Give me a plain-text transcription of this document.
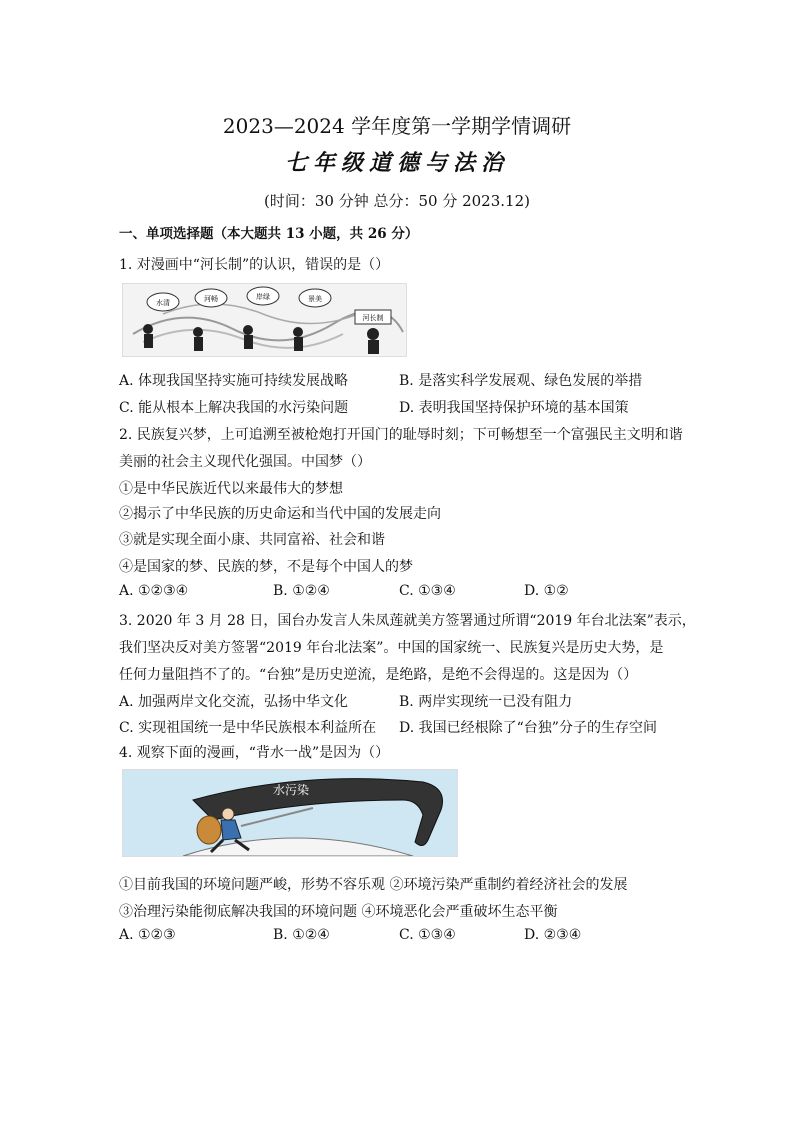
2023—2024 学年度第一学期学情调研
七年级道德与法治
(时间：30 分钟 总分：50 分 2023.12)
一、单项选择题（本大题共 13 小题，共 26 分）
1. 对漫画中“河长制”的认识，错误的是（）
水清	河畅	岸绿	景美
河长制
A. 体现我国坚持实施可持续发展战略	B. 是落实科学发展观、绿色发展的举措
C. 能从根本上解决我国的水污染问题	D. 表明我国坚持保护环境的基本国策
2. 民族复兴梦，上可追溯至被枪炮打开国门的耻辱时刻；下可畅想至一个富强民主文明和谐
美丽的社会主义现代化强国。中国梦（）
①是中华民族近代以来最伟大的梦想
②揭示了中华民族的历史命运和当代中国的发展走向
③就是实现全面小康、共同富裕、社会和谐
④是国家的梦、民族的梦，不是每个中国人的梦
A. ①②③④	B. ①②④	C. ①③④	D. ①②
3. 2020 年 3 月 28 日，国台办发言人朱凤莲就美方签署通过所谓“2019 年台北法案”表示，
我们坚决反对美方签署“2019 年台北法案”。中国的国家统一、民族复兴是历史大势，是
任何力量阻挡不了的。“台独”是历史逆流，是绝路，是绝不会得逞的。这是因为（）
A. 加强两岸文化交流，弘扬中华文化	B. 两岸实现统一已没有阻力
C. 实现祖国统一是中华民族根本利益所在 D. 我国已经根除了“台独”分子的生存空间
4. 观察下面的漫画，“背水一战”是因为（）
水污染
①目前我国的环境问题严峻，形势不容乐观 ②环境污染严重制约着经济社会的发展
③治理污染能彻底解决我国的环境问题 ④环境恶化会严重破坏生态平衡
A. ①②③	B. ①②④	C. ①③④	D. ②③④
